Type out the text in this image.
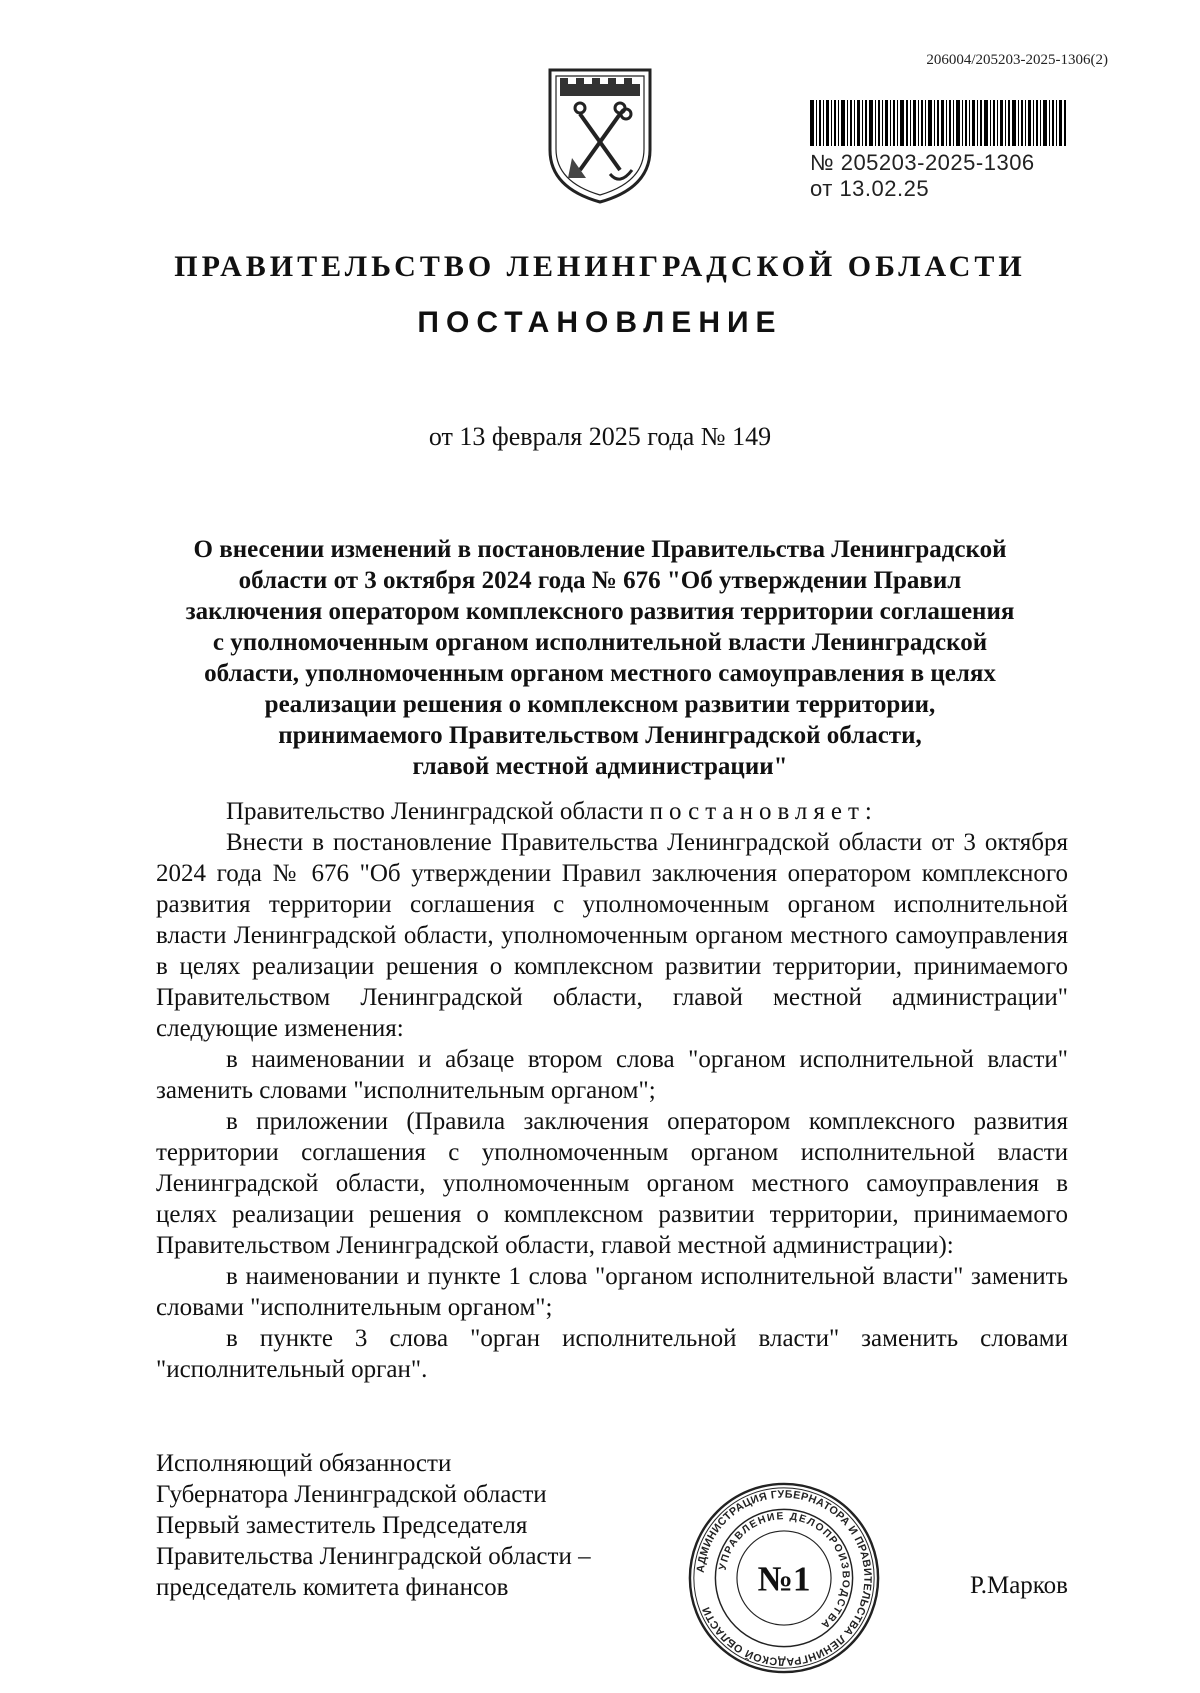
206004/205203-2025-1306(2)
№ 205203-2025-1306
от 13.02.25
ПРАВИТЕЛЬСТВО ЛЕНИНГРАДСКОЙ ОБЛАСТИ
ПОСТАНОВЛЕНИЕ
от 13 февраля 2025 года № 149
О внесении изменений в постановление Правительства Ленинградской
области от 3 октября 2024 года № 676 "Об утверждении Правил
заключения оператором комплексного развития территории соглашения
с уполномоченным органом исполнительной власти Ленинградской
области, уполномоченным органом местного самоуправления в целях
реализации решения о комплексном развитии территории,
принимаемого Правительством Ленинградской области,
главой местной администрации"

Правительство Ленинградской области постановляет:

Внести в постановление Правительства Ленинградской области от 3 октября 2024 года № 676 "Об утверждении Правил заключения оператором комплексного развития территории соглашения с уполномоченным органом исполнительной власти Ленинградской области, уполномоченным органом местного самоуправления в целях реализации решения о комплексном развитии территории, принимаемого Правительством Ленинградской области, главой местной администрации" следующие изменения:

в наименовании и абзаце втором слова "органом исполнительной власти" заменить словами "исполнительным органом";

в приложении (Правила заключения оператором комплексного развития территории соглашения с уполномоченным органом исполнительной власти Ленинградской области, уполномоченным органом местного самоуправления в целях реализации решения о комплексном развитии территории, принимаемого Правительством Ленинградской области, главой местной администрации):

в наименовании и пункте 1 слова "органом исполнительной власти" заменить словами "исполнительным органом";

в пункте 3 слова "орган исполнительной власти" заменить словами "исполнительный орган".

Исполняющий обязанности
Губернатора Ленинградской области
Первый заместитель Председателя
Правительства Ленинградской области –
председатель комитета финансов
АДМИНИСТРАЦИЯ ГУБЕРНАТОРА И ПРАВИТЕЛЬСТВА ЛЕНИНГРАДСКОЙ ОБЛАСТИ
УПРАВЛЕНИЕ ДЕЛОПРОИЗВОДСТВА
№1	Р.Марков
